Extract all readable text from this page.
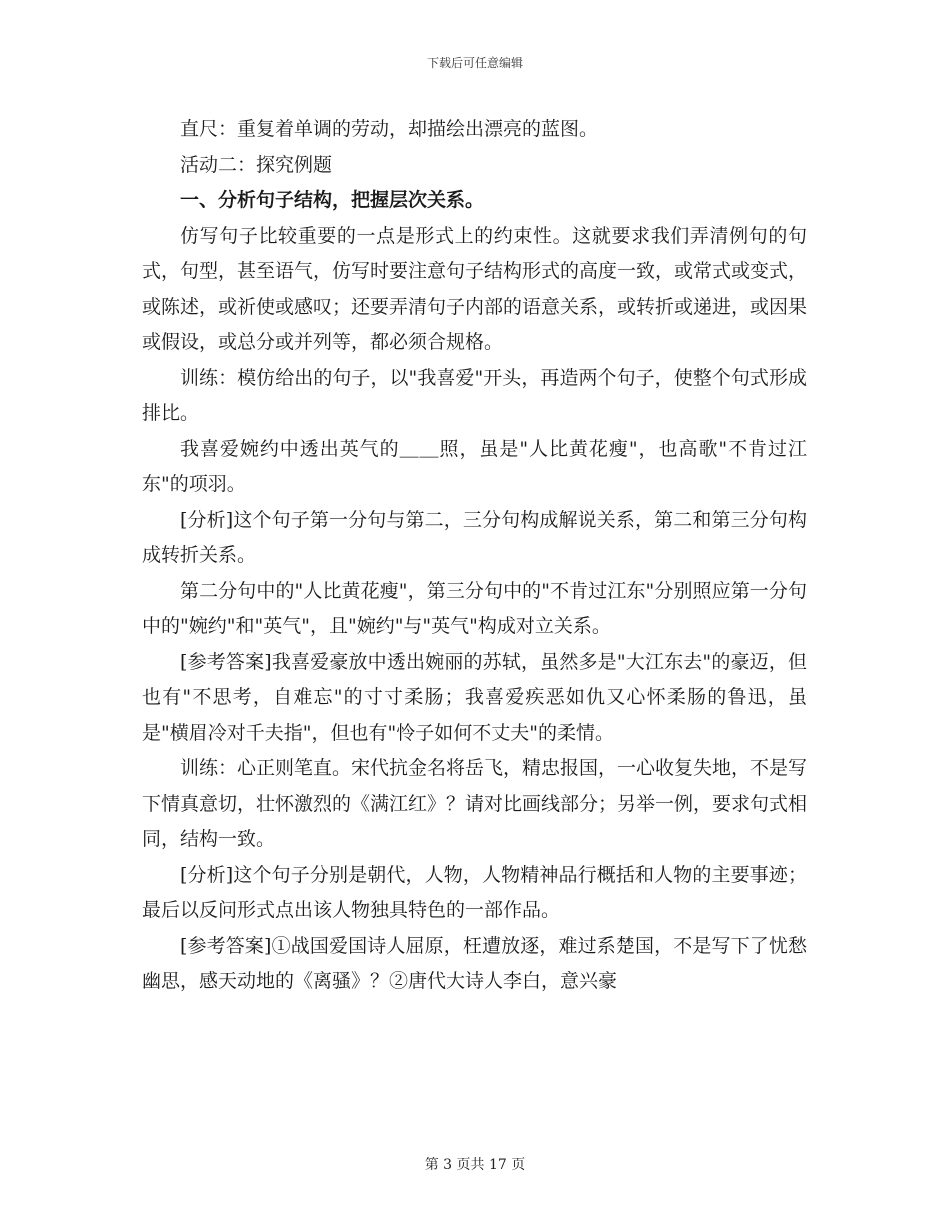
下载后可任意编辑

直尺：重复着单调的劳动，却描绘出漂亮的蓝图。

活动二：探究例题

一、分析句子结构，把握层次关系。

仿写句子比较重要的一点是形式上的约束性。这就要求我们弄清例句的句式，句型，甚至语气，仿写时要注意句子结构形式的高度一致，或常式或变式，或陈述，或祈使或感叹；还要弄清句子内部的语意关系，或转折或递进，或因果或假设，或总分或并列等，都必须合规格。

训练：模仿给出的句子，以"我喜爱"开头，再造两个句子，使整个句式形成排比。

我喜爱婉约中透出英气的＿＿照，虽是"人比黄花瘦"，也高歌"不肯过江东"的项羽。

[分析]这个句子第一分句与第二，三分句构成解说关系，第二和第三分句构成转折关系。

第二分句中的"人比黄花瘦"，第三分句中的"不肯过江东"分别照应第一分句中的"婉约"和"英气"，且"婉约"与"英气"构成对立关系。

[参考答案]我喜爱豪放中透出婉丽的苏轼，虽然多是"大江东去"的豪迈，但也有"不思考，自难忘"的寸寸柔肠；我喜爱疾恶如仇又心怀柔肠的鲁迅，虽是"横眉冷对千夫指"，但也有"怜子如何不丈夫"的柔情。

训练：心正则笔直。宋代抗金名将岳飞，精忠报国，一心收复失地，不是写下情真意切，壮怀激烈的《满江红》？请对比画线部分；另举一例，要求句式相同，结构一致。

[分析]这个句子分别是朝代，人物，人物精神品行概括和人物的主要事迹；最后以反问形式点出该人物独具特色的一部作品。

[参考答案]①战国爱国诗人屈原，枉遭放逐，难过系楚国，不是写下了忧愁幽思，感天动地的《离骚》？②唐代大诗人李白，意兴豪

第 3 页共 17 页
